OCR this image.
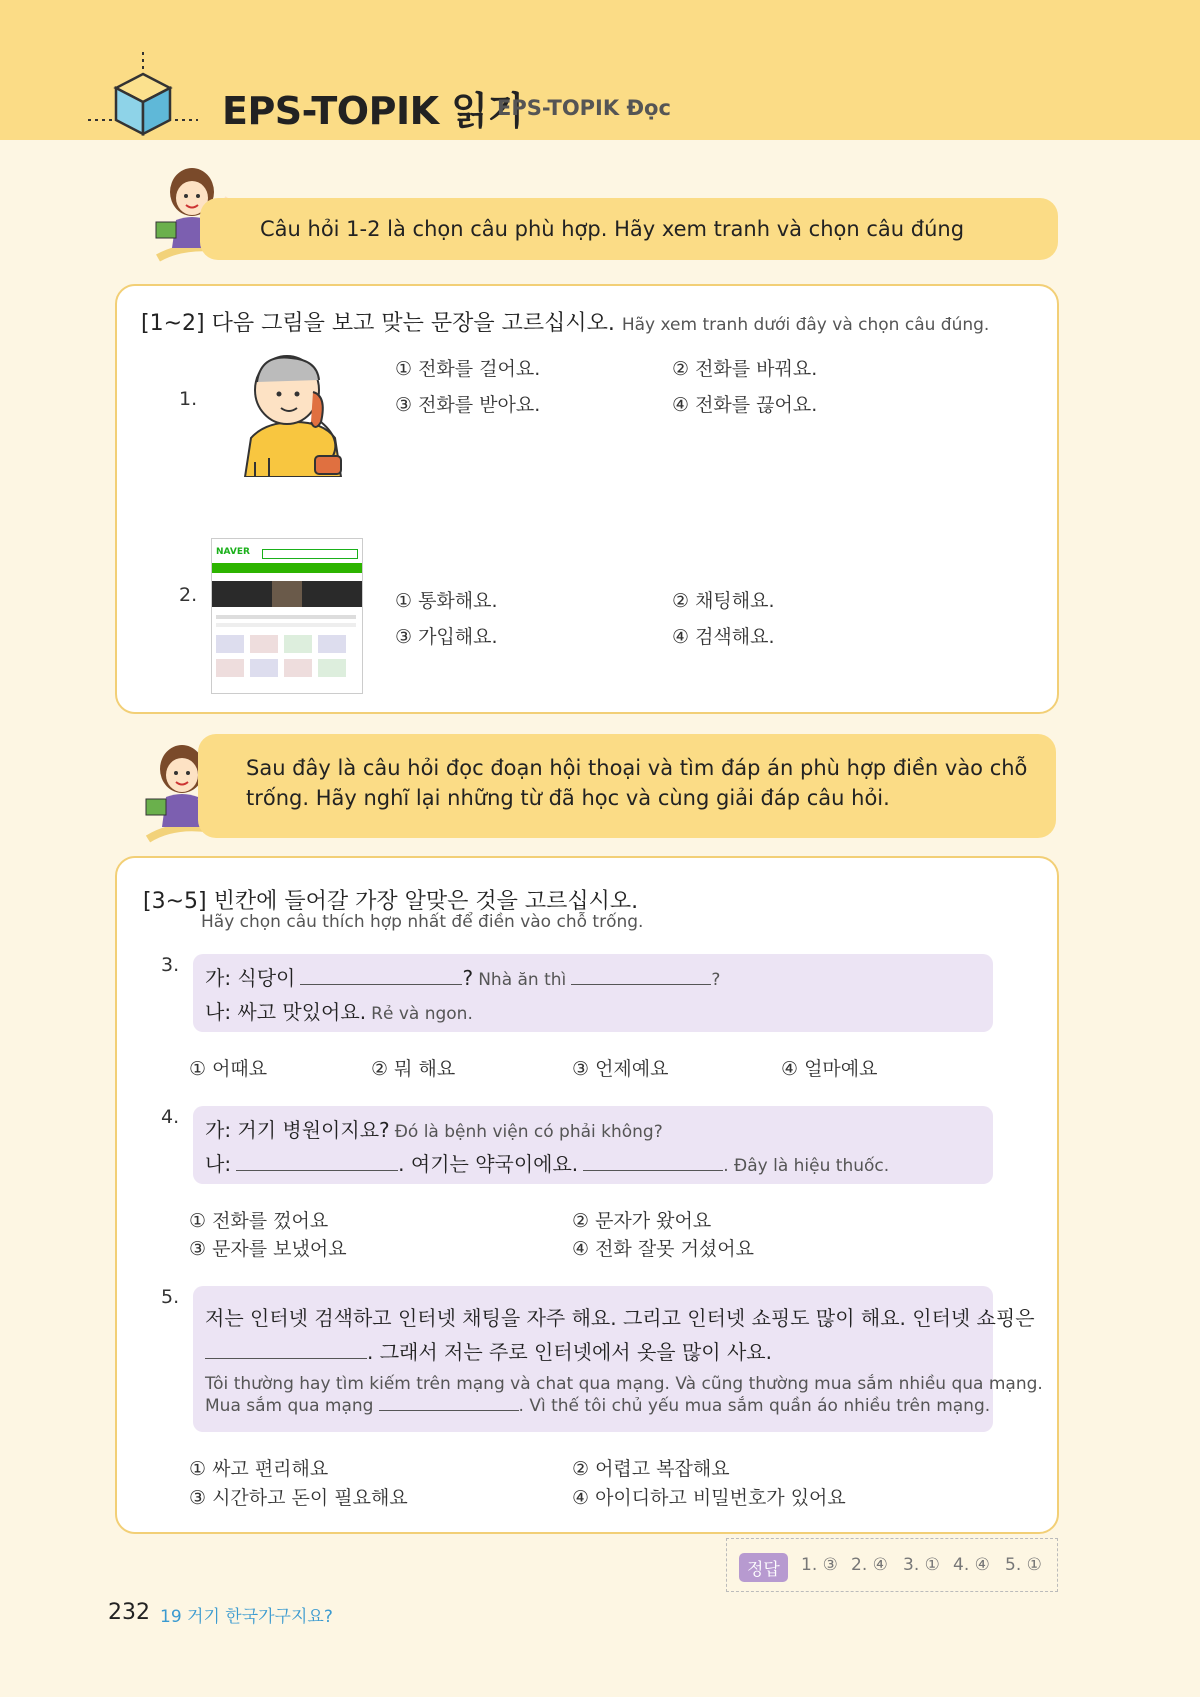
EPS-TOPIK 읽기
EPS-TOPIK Đọc
Câu hỏi 1-2 là chọn câu phù hợp. Hãy xem tranh và chọn câu đúng
[1~2] 다음 그림을 보고 맞는 문장을 고르십시오. Hãy xem tranh dưới đây và chọn câu đúng.
1.
① 전화를 걸어요.	② 전화를 바꿔요.
③ 전화를 받아요.	④ 전화를 끊어요.
2.
NAVER
① 통화해요.	② 채팅해요.
③ 가입해요.	④ 검색해요.
Sau đây là câu hỏi đọc đoạn hội thoại và tìm đáp án phù hợp điền vào chỗ
trống. Hãy nghĩ lại những từ đã học và cùng giải đáp câu hỏi.
[3~5] 빈칸에 들어갈 가장 알맞은 것을 고르십시오.
Hãy chọn câu thích hợp nhất để điền vào chỗ trống.
3.
가: 식당이	? Nhà ăn thì	?
나: 싸고 맛있어요. Rẻ và ngon.
① 어때요	② 뭐 해요	③ 언제예요	④ 얼마예요
4.
가: 거기 병원이지요? Đó là bệnh viện có phải không?
나:	. 여기는 약국이에요.	. Đây là hiệu thuốc.
① 전화를 껐어요	② 문자가 왔어요
③ 문자를 보냈어요	④ 전화 잘못 거셨어요
5.
저는 인터넷 검색하고 인터넷 채팅을 자주 해요. 그리고 인터넷 쇼핑도 많이 해요. 인터넷 쇼핑은
. 그래서 저는 주로 인터넷에서 옷을 많이 사요.
Tôi thường hay tìm kiếm trên mạng và chat qua mạng. Và cũng thường mua sắm nhiều qua mạng.
Mua sắm qua mạng	. Vì thế tôi chủ yếu mua sắm quần áo nhiều trên mạng.
① 싸고 편리해요	② 어렵고 복잡해요
③ 시간하고 돈이 필요해요	④ 아이디하고 비밀번호가 있어요
정답	1. ③ 2. ④ 3. ① 4. ④ 5. ①
232 19 거기 한국가구지요?
